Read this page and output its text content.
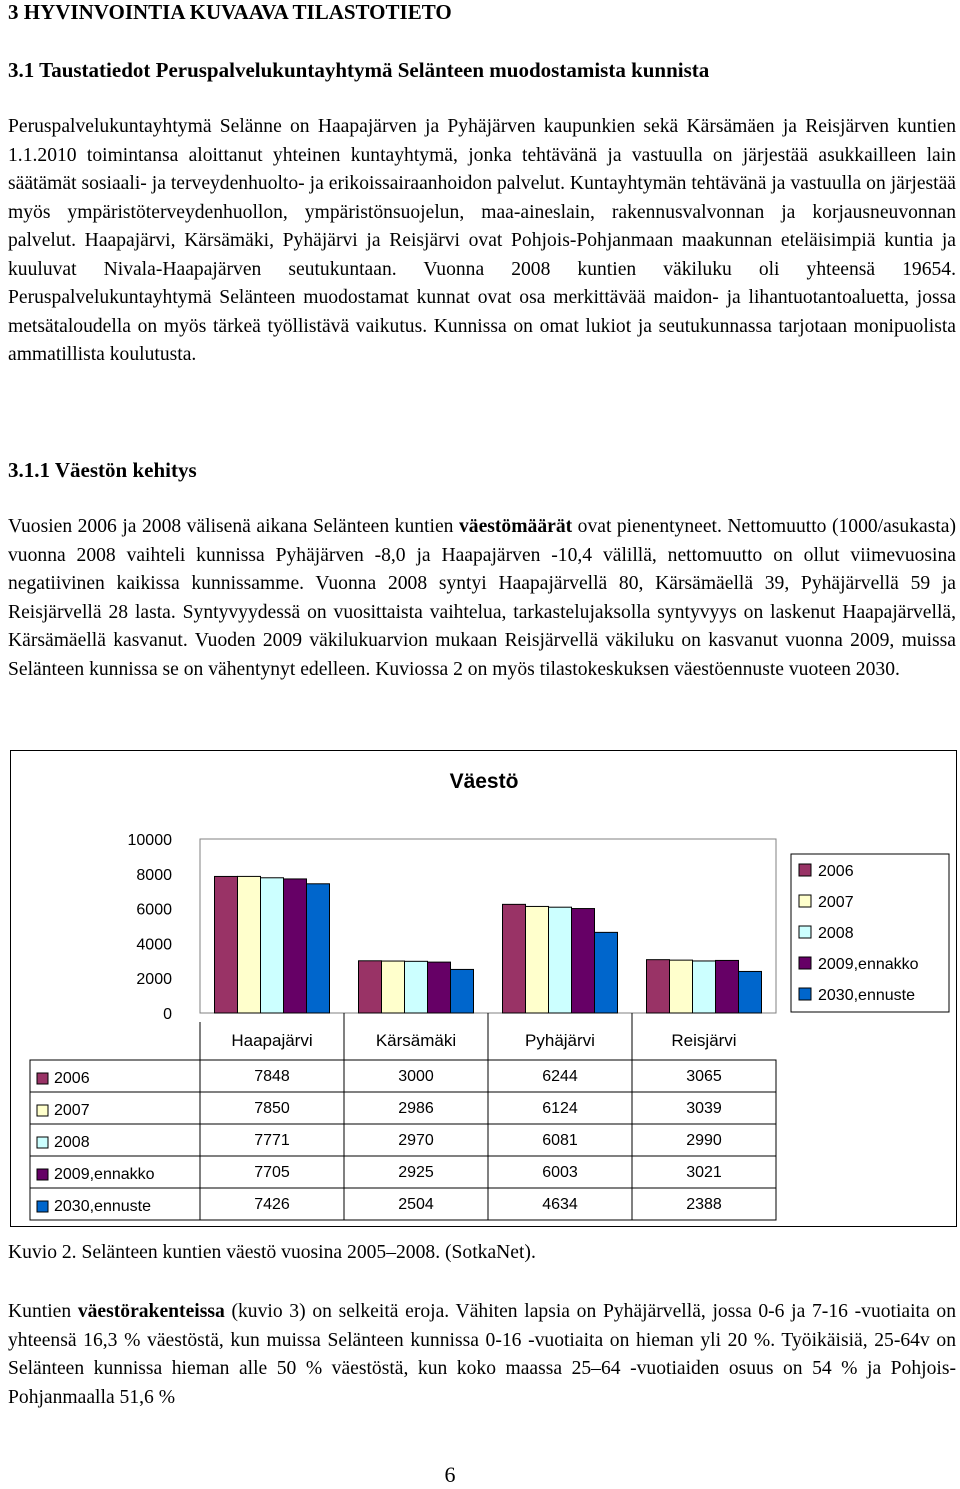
3 HYVINVOINTIA KUVAAVA TILASTOTIETO
3.1 Taustatiedot Peruspalvelukuntayhtymä Selänteen muodostamista kunnista

Peruspalvelukuntayhtymä Selänne on Haapajärven ja Pyhäjärven kaupunkien sekä Kärsämäen ja Reisjärven kuntien 1.1.2010 toimintansa aloittanut yhteinen kuntayhtymä, jonka tehtävänä ja vastuulla on järjestää asukkailleen lain säätämät sosiaali- ja terveydenhuolto- ja erikoissairaanhoidon palvelut. Kuntayhtymän tehtävänä ja vastuulla on järjestää myös ympäristöterveydenhuollon, ympäristönsuojelun, maa-aineslain, rakennusvalvonnan ja korjausneuvonnan palvelut. Haapajärvi, Kärsämäki, Pyhäjärvi ja Reisjärvi ovat Pohjois-Pohjanmaan maakunnan eteläisimpiä kuntia ja kuuluvat Nivala-Haapajärven seutukuntaan. Vuonna 2008 kuntien väkiluku oli yhteensä 19654. Peruspalvelukuntayhtymä Selänteen muodostamat kunnat ovat osa merkittävää maidon- ja lihantuotantoaluetta, jossa metsätaloudella on myös tärkeä työllistävä vaikutus. Kunnissa on omat lukiot ja seutukunnassa tarjotaan monipuolista ammatillista koulutusta.

3.1.1 Väestön kehitys

Vuosien 2006 ja 2008 välisenä aikana Selänteen kuntien väestömäärät ovat pienentyneet. Nettomuutto (1000/asukasta) vuonna 2008 vaihteli kunnissa Pyhäjärven -8,0 ja Haapajärven -10,4 välillä, nettomuutto on ollut viimevuosina negatiivinen kaikissa kunnissamme. Vuonna 2008 syntyi Haapajärvellä 80, Kärsämäellä 39, Pyhäjärvellä 59 ja Reisjärvellä 28 lasta. Syntyvyydessä on vuosittaista vaihtelua, tarkastelujaksolla syntyvyys on laskenut Haapajärvellä, Kärsämäellä kasvanut. Vuoden 2009 väkilukuarvion mukaan Reisjärvellä väkiluku on kasvanut vuonna 2009, muissa Selänteen kunnissa se on vähentynyt edelleen. Kuviossa 2 on myös tilastokeskuksen väestöennuste vuoteen 2030.

Väestö
10000
8000
6000
4000
2000
0
Haapajärvi	Kärsämäki	Pyhäjärvi	Reisjärvi
2006
2007
2008
2009,ennakko
2030,ennuste
2006	7848	3000	6244	3065
2007	7850	2986	6124	3039
2008	7771	2970	6081	2990
2009,ennakko	7705	2925	6003	3021
2030,ennuste	7426	2504	4634	2388

Kuvio 2. Selänteen kuntien väestö vuosina 2005–2008. (SotkaNet).

Kuntien väestörakenteissa (kuvio 3) on selkeitä eroja. Vähiten lapsia on Pyhäjärvellä, jossa 0-6 ja 7-16 -vuotiaita on yhteensä 16,3 % väestöstä, kun muissa Selänteen kunnissa 0-16 -vuotiaita on hieman yli 20 %. Työikäisiä, 25-64v on Selänteen kunnissa hieman alle 50 % väestöstä, kun koko maassa 25–64 -vuotiaiden osuus on 54 % ja Pohjois-Pohjanmaalla 51,6 %

6
